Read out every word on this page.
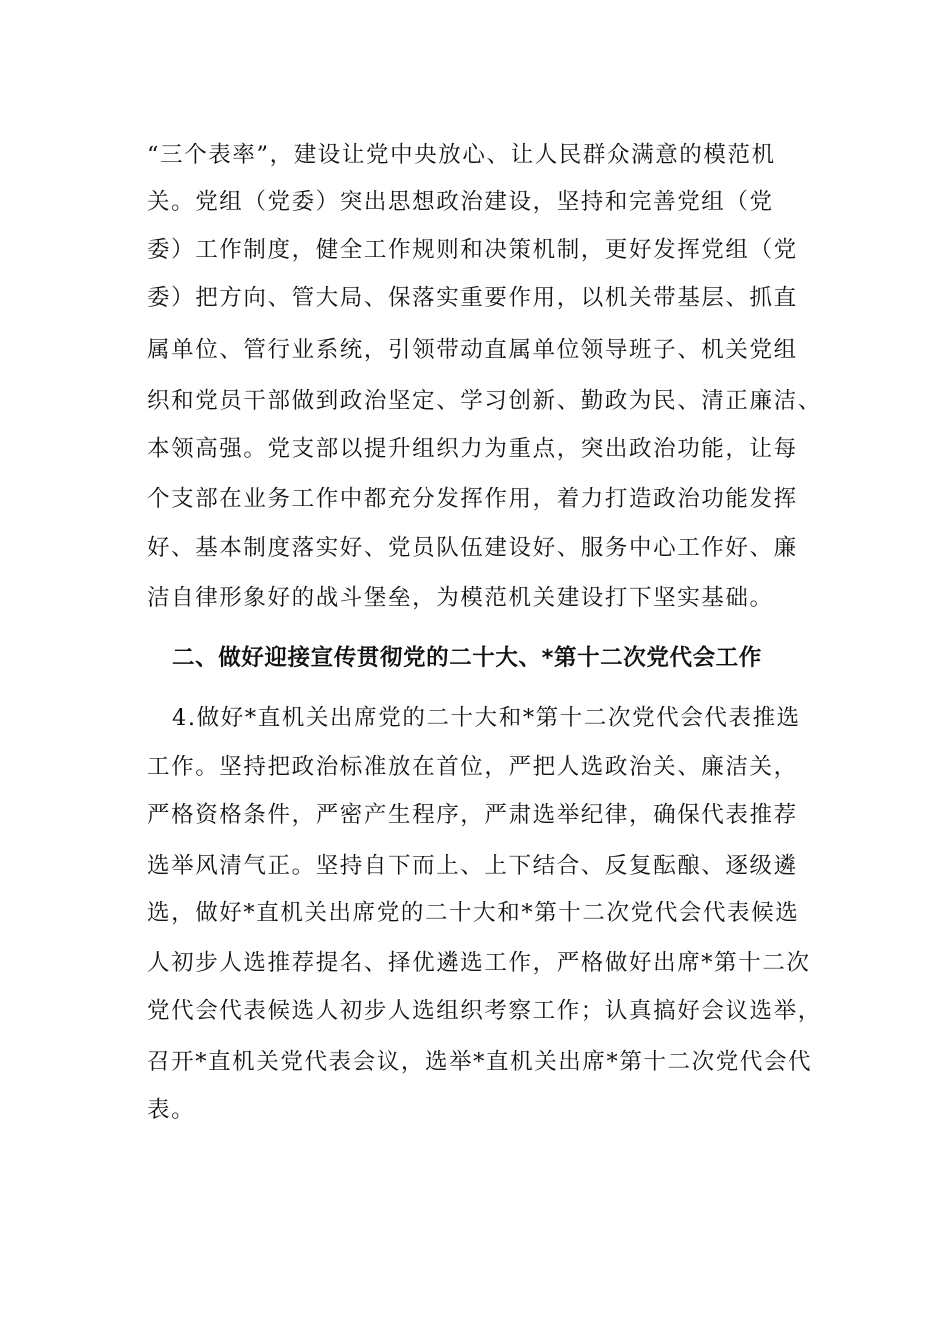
“三个表率”，建设让党中央放心、让人民群众满意的模范机
关。党组（党委）突出思想政治建设，坚持和完善党组（党
委）工作制度，健全工作规则和决策机制，更好发挥党组（党
委）把方向、管大局、保落实重要作用，以机关带基层、抓直
属单位、管行业系统，引领带动直属单位领导班子、机关党组
织和党员干部做到政治坚定、学习创新、勤政为民、清正廉洁、
本领高强。党支部以提升组织力为重点，突出政治功能，让每
个支部在业务工作中都充分发挥作用，着力打造政治功能发挥
好、基本制度落实好、党员队伍建设好、服务中心工作好、廉
洁自律形象好的战斗堡垒，为模范机关建设打下坚实基础。
二、做好迎接宣传贯彻党的二十大、*第十二次党代会工作
4.做好*直机关出席党的二十大和*第十二次党代会代表推选
工作。坚持把政治标准放在首位，严把人选政治关、廉洁关，
严格资格条件，严密产生程序，严肃选举纪律，确保代表推荐
选举风清气正。坚持自下而上、上下结合、反复酝酿、逐级遴
选，做好*直机关出席党的二十大和*第十二次党代会代表候选
人初步人选推荐提名、择优遴选工作，严格做好出席*第十二次
党代会代表候选人初步人选组织考察工作；认真搞好会议选举，
召开*直机关党代表会议，选举*直机关出席*第十二次党代会代
表。
